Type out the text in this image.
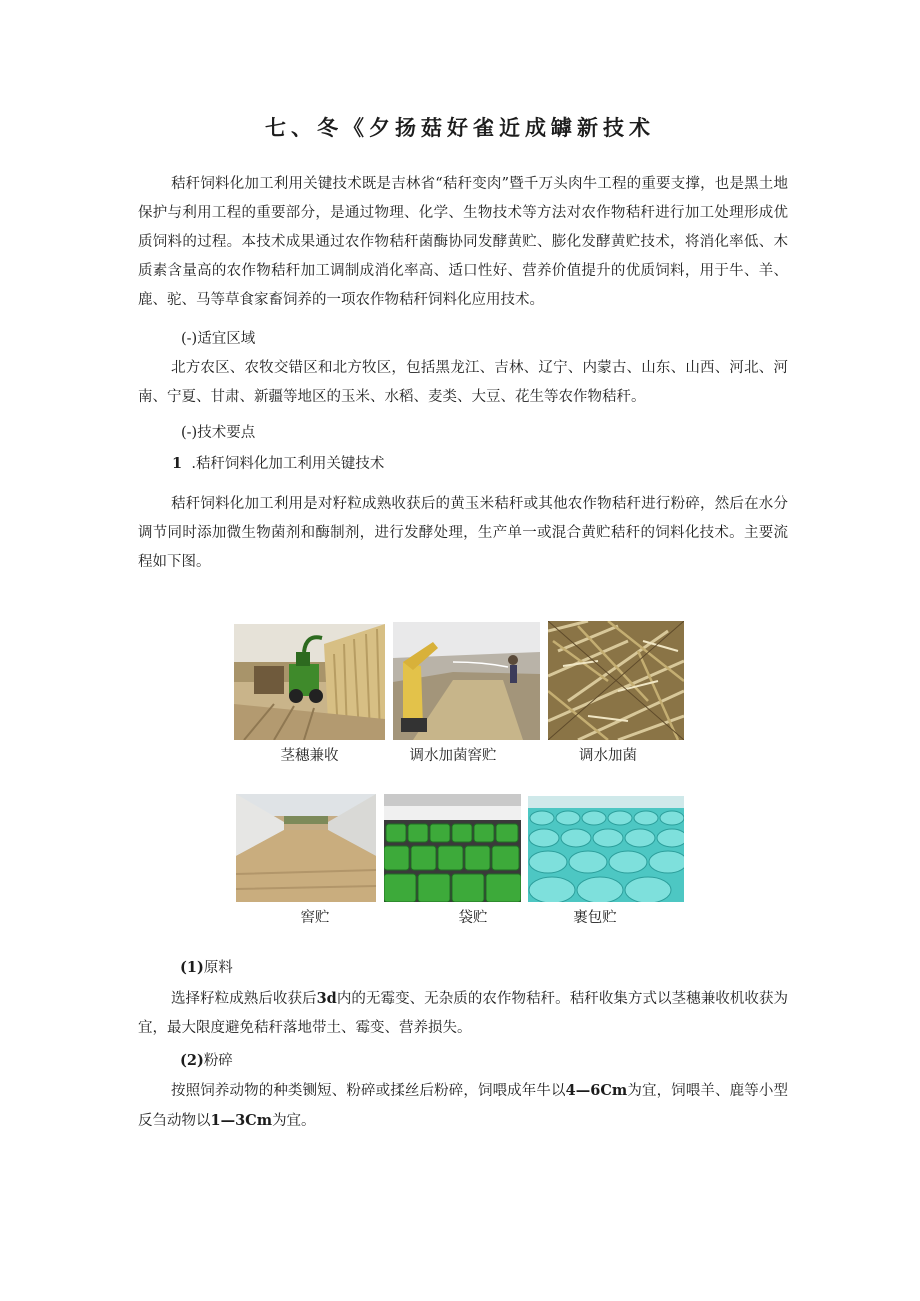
七、冬《夕扬菇好雀近成罅新技术

秸秆饲料化加工利用关键技术既是吉林省“秸秆变肉”暨千万头肉牛工程的重要支撑，也是黑土地保护与利用工程的重要部分，是通过物理、化学、生物技术等方法对农作物秸秆进行加工处理形成优质饲料的过程。本技术成果通过农作物秸秆菌酶协同发酵黄贮、膨化发酵黄贮技术，将消化率低、木质素含量高的农作物秸秆加工调制成消化率高、适口性好、营养价值提升的优质饲料，用于牛、羊、鹿、驼、马等草食家畜饲养的一项农作物秸秆饲料化应用技术。

(-)适宜区域

北方农区、农牧交错区和北方牧区，包括黑龙江、吉林、辽宁、内蒙古、山东、山西、河北、河南、宁夏、甘肃、新疆等地区的玉米、水稻、麦类、大豆、花生等农作物秸秆。

(-)技术要点
1 .秸秆饲料化加工利用关键技术

秸秆饲料化加工利用是对籽粒成熟收获后的黄玉米秸秆或其他农作物秸秆进行粉碎，然后在水分调节同时添加微生物菌剂和酶制剂，进行发酵处理，生产单一或混合黄贮秸秆的饲料化技术。主要流程如下图。

茎穗兼收	调水加菌窖贮	调水加菌
窖贮	袋贮	裹包贮
(1)原料

选择籽粒成熟后收获后3d内的无霉变、无杂质的农作物秸秆。秸秆收集方式以茎穗兼收机收获为宜，最大限度避免秸秆落地带土、霉变、营养损失。

(2)粉碎

按照饲养动物的种类铡短、粉碎或揉丝后粉碎，饲喂成年牛以4—6Cm为宜，饲喂羊、鹿等小型反刍动物以1—3Cm为宜。
